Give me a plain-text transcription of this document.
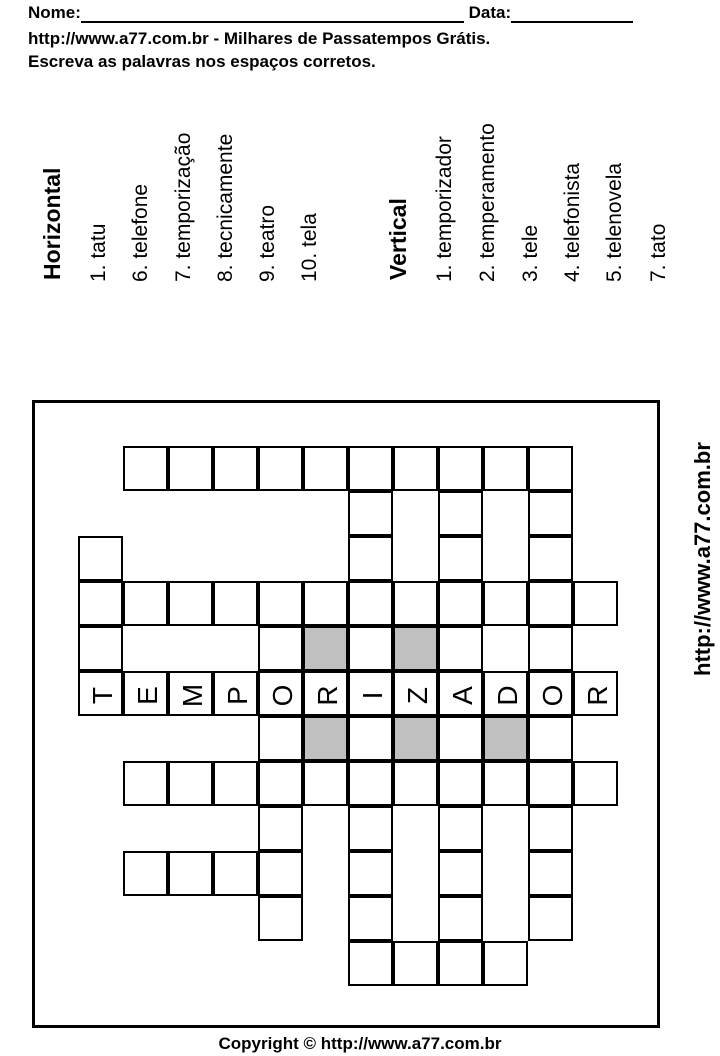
Nome:	Data:
http://www.a77.com.br - Milhares de Passatempos Grátis.
Escreva as palavras nos espaços corretos.
Horizontal 1. tatu 6. telefone 7. temporização 8. tecnicamente 9. teatro 10. tela	Vertical 1. temporizador 2. temperamento 3. tele 4. telefonista 5. telenovela 7. tato
T E M P O R I Z A D O R
http://www.a77.com.br
Copyright © http://www.a77.com.br
